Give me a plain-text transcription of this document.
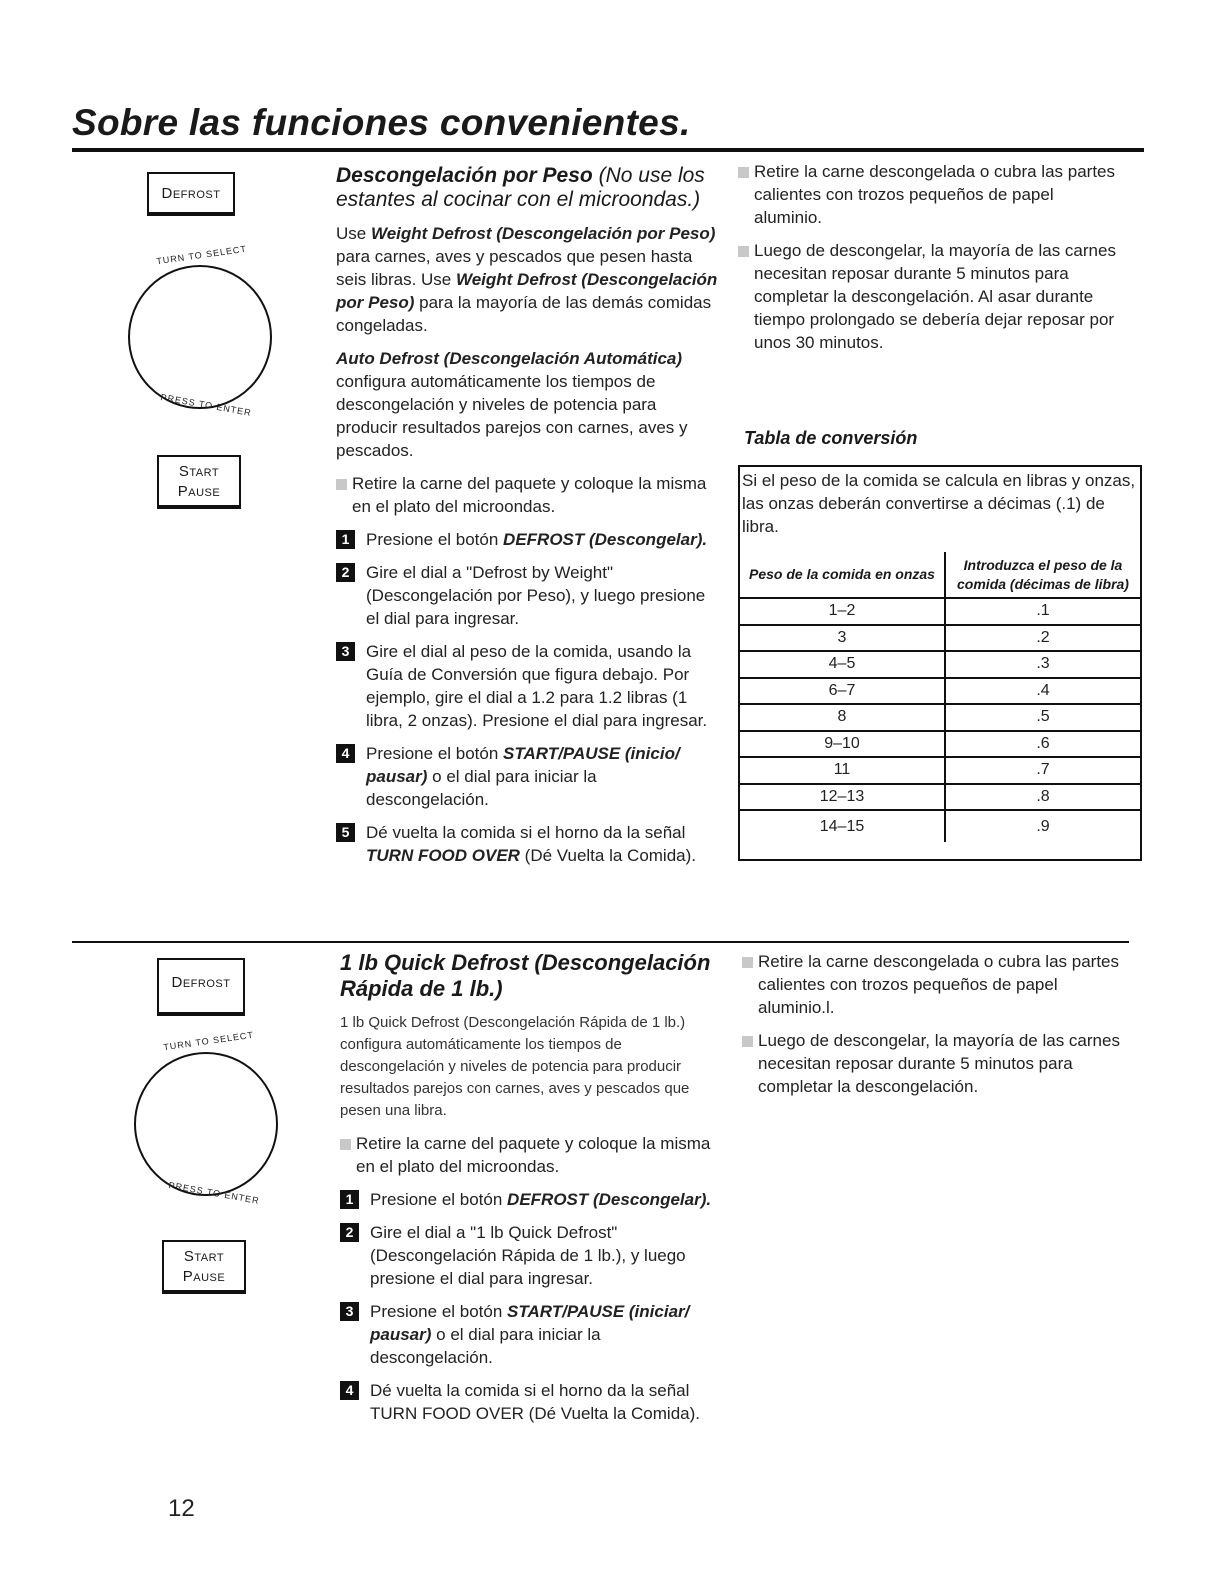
Sobre las funciones convenientes.
Defrost
TURN TO SELECT
PRESS TO ENTER
Start
Pause
Descongelación por Peso (No use los estantes al cocinar con el microondas.)
Use Weight Defrost (Descongelación por Peso) para carnes, aves y pescados que pesen hasta seis libras. Use Weight Defrost (Descongelación por Peso) para la mayoría de las demás comidas congeladas.
Auto Defrost (Descongelación Automática) configura automáticamente los tiempos de descongelación y niveles de potencia para producir resultados parejos con carnes, aves y pescados.
Retire la carne del paquete y coloque la misma en el plato del microondas.
1 Presione el botón DEFROST (Descongelar).
2 Gire el dial a "Defrost by Weight" (Descongelación por Peso), y luego presione el dial para ingresar.
3 Gire el dial al peso de la comida, usando la Guía de Conversión que figura debajo. Por ejemplo, gire el dial a 1.2 para 1.2 libras (1 libra, 2 onzas). Presione el dial para ingresar.
4 Presione el botón START/PAUSE (inicio/ pausar) o el dial para iniciar la descongelación.
5 Dé vuelta la comida si el horno da la señal TURN FOOD OVER (Dé Vuelta la Comida).
Retire la carne descongelada o cubra las partes calientes con trozos pequeños de papel aluminio.
Luego de descongelar, la mayoría de las carnes necesitan reposar durante 5 minutos para completar la descongelación. Al asar durante tiempo prolongado se debería dejar reposar por unos 30 minutos.
Tabla de conversión
Si el peso de la comida se calcula en libras y onzas, las onzas deberán convertirse a décimas (.1) de libra.
Peso de la comida en onzas	Introduzca el peso de la comida (décimas de libra)
1–2	.1
3	.2
4–5	.3
6–7	.4
8	.5
9–10	.6
11	.7
12–13	.8
14–15	.9
Defrost
TURN TO SELECT
PRESS TO ENTER
Start
Pause
1 lb Quick Defrost (Descongelación Rápida de 1 lb.)
1 lb Quick Defrost (Descongelación Rápida de 1 lb.) configura automáticamente los tiempos de descongelación y niveles de potencia para producir resultados parejos con carnes, aves y pescados que pesen una libra.
Retire la carne del paquete y coloque la misma en el plato del microondas.
1 Presione el botón DEFROST (Descongelar).
2 Gire el dial a "1 lb Quick Defrost" (Descongelación Rápida de 1 lb.), y luego presione el dial para ingresar.
3 Presione el botón START/PAUSE (iniciar/ pausar) o el dial para iniciar la descongelación.
4 Dé vuelta la comida si el horno da la señal TURN FOOD OVER (Dé Vuelta la Comida).
Retire la carne descongelada o cubra las partes calientes con trozos pequeños de papel aluminio.l.
Luego de descongelar, la mayoría de las carnes necesitan reposar durante 5 minutos para completar la descongelación.
12
